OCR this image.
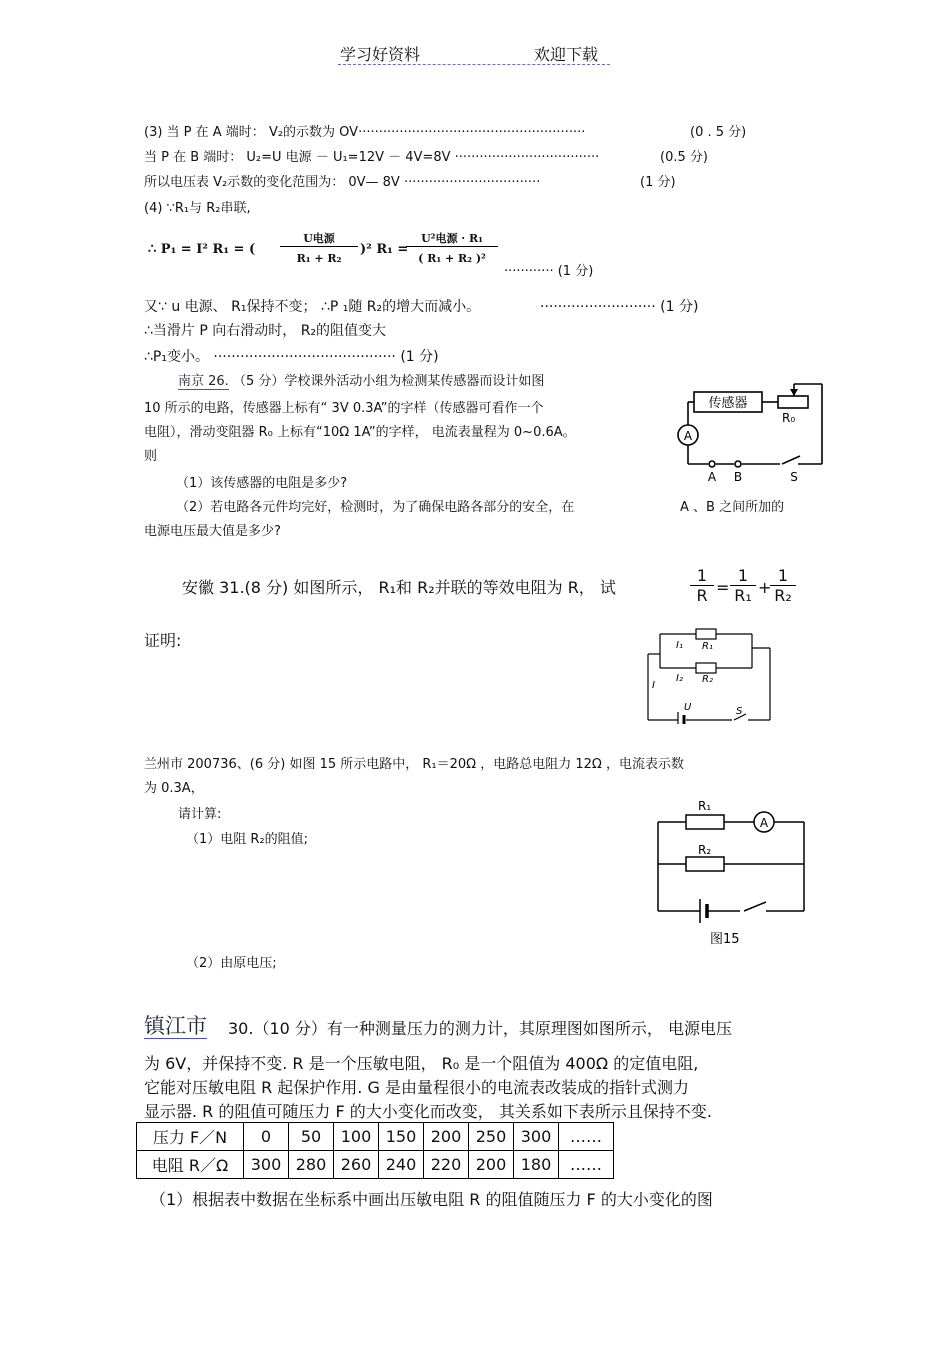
学习好资料	欢迎下载
(3) 当 P 在 A 端时： V₂的示数为 OV·······················································	(0 . 5 分)
当 P 在 B 端时： U₂=U 电源 － U₁=12V － 4V=8V ···································	(0.5 分)
所以电压表 V₂示数的变化范围为： 0V— 8V ·································	(1 分)
(4) ∵R₁与 R₂串联,
∴ P₁ = I² R₁ = (
U电源
R₁ + R₂
)² R₁ =
U²电源 · R₁
( R₁ + R₂ )²
············ (1 分)
又∵ u 电源、 R₁保持不变； ∴P ₁随 R₂的增大而减小。	·························· (1 分)
∴当滑片 P 向右滑动时， R₂的阻值变大
∴P₁变小。 ········································· (1 分)
南京 26. （5 分）学校课外活动小组为检测某传感器而设计如图
10 所示的电路，传感器上标有“ 3V 0.3A”的字样（传感器可看作一个
电阻），滑动变阻器 R₀ 上标有“10Ω 1A”的字样， 电流表量程为 0~0.6A。
则
（1）该传感器的电阻是多少?
（2）若电路各元件均完好，检测时，为了确保电路各部分的安全，在	A 、B 之间所加的
电源电压最大值是多少?
传感器
R₀
A
A B	S
安徽 31.(8 分) 如图所示， R₁和 R₂并联的等效电阻为 R， 试	$\frac{1}{R} = \frac{1}{\text{R₁}}$ +
$\frac{1}{\text{R₂}}$
证明:	I₁ R₁
I₂ R₂
I
U	S
兰州市 200736、(6 分) 如图 15 所示电路中， R₁＝20Ω ，电路总电阻力 12Ω ，电流表示数
为 0.3A，
请计算:
（1）电阻 R₂的阻值;
（2）由原电压;
R₁
R₂
A
图15
镇江市 30.（10 分）有一种测量压力的测力计，其原理图如图所示， 电源电压
为 6V，并保持不变. R 是一个压敏电阻， R₀ 是一个阻值为 400Ω 的定值电阻,
它能对压敏电阻 R 起保护作用. G 是由量程很小的电流表改装成的指针式测力
显示器. R 的阻值可随压力 F 的大小变化而改变， 其关系如下表所示且保持不变.
压力 F／N	0	50	100	150	200	250	300	……
电阻 R／Ω	300	280	260	240	220	200	180	……
（1）根据表中数据在坐标系中画出压敏电阻 R 的阻值随压力 F 的大小变化的图
